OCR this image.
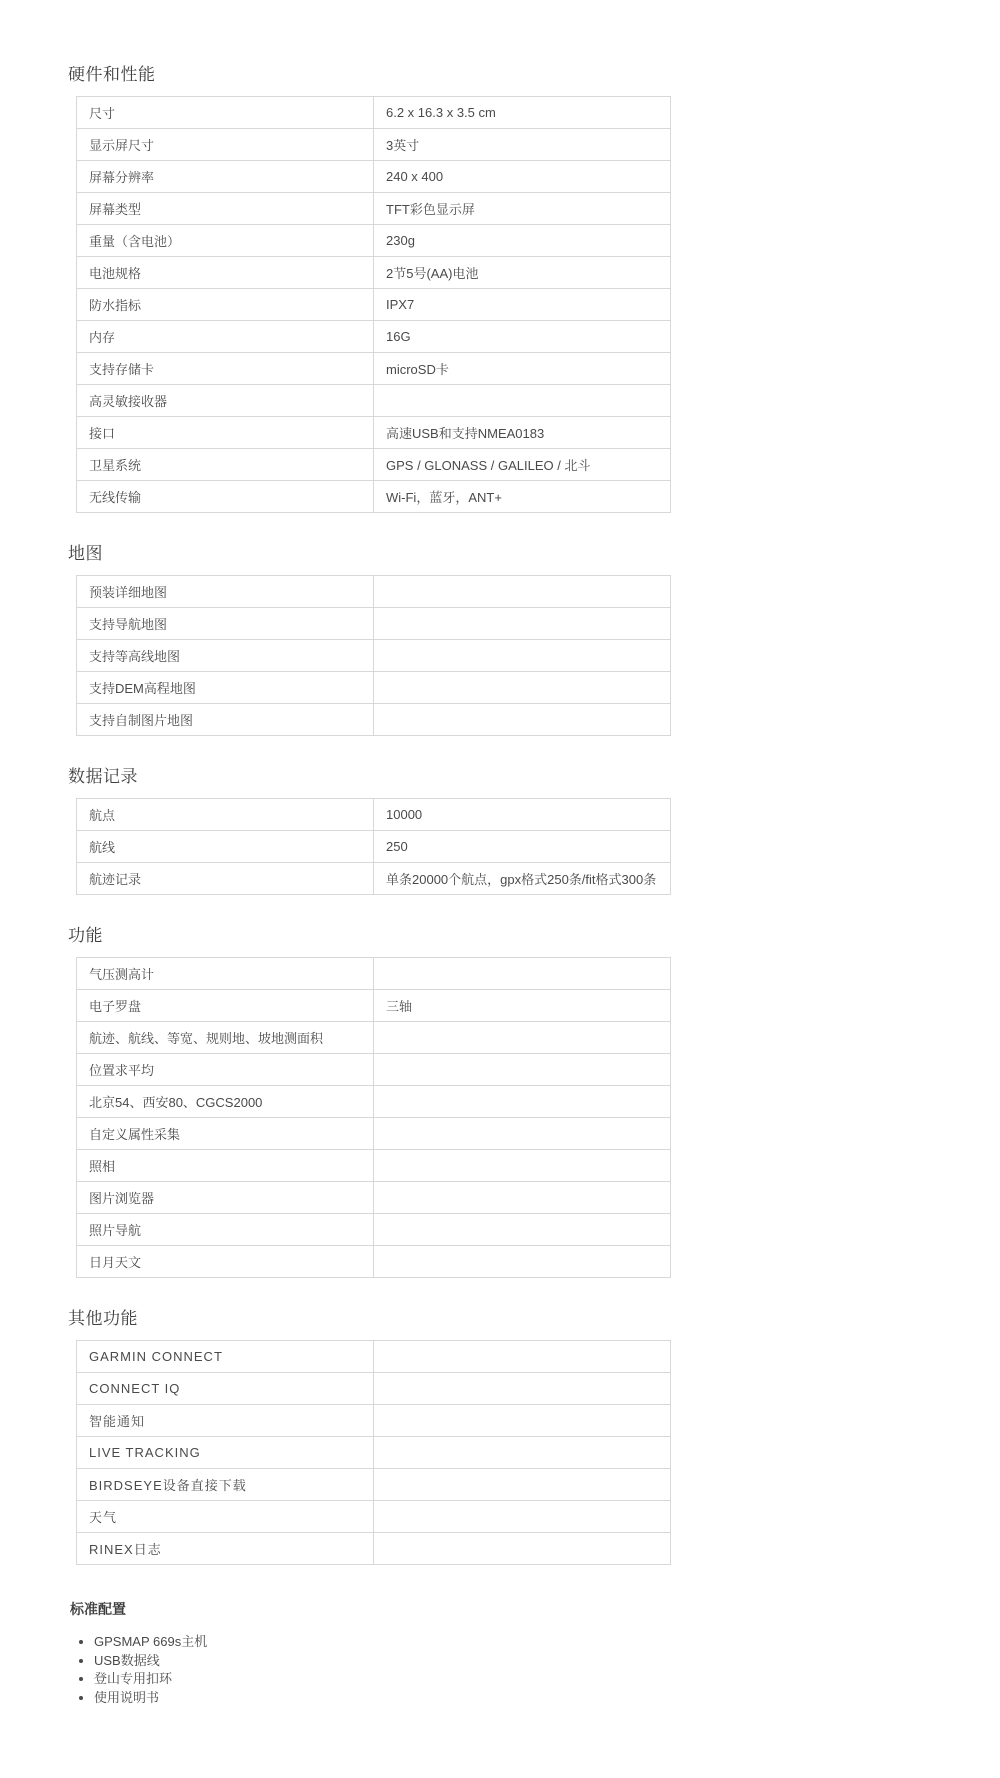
硬件和性能
尺寸	6.2 x 16.3 x 3.5 cm
显示屏尺寸	3英寸
屏幕分辨率	240 x 400
屏幕类型	TFT彩色显示屏
重量（含电池）	230g
电池规格	2节5号(AA)电池
防水指标	IPX7
内存	16G
支持存储卡	microSD卡
高灵敏接收器	
接口	高速USB和支持NMEA0183
卫星系统	GPS / GLONASS / GALILEO / 北斗
无线传输	Wi-Fi，蓝牙，ANT+
地图
预装详细地图	
支持导航地图	
支持等高线地图	
支持DEM高程地图	
支持自制图片地图	
数据记录
航点	10000
航线	250
航迹记录	单条20000个航点，gpx格式250条/fit格式300条
功能
气压测高计	
电子罗盘	三轴
航迹、航线、等宽、规则地、坡地测面积	
位置求平均	
北京54、西安80、CGCS2000	
自定义属性采集	
照相	
图片浏览器	
照片导航	
日月天文	
其他功能
GARMIN CONNECT	
CONNECT IQ	
智能通知	
LIVE TRACKING	
BIRDSEYE设备直接下载	
天气	
RINEX日志	
标准配置
• GPSMAP 669s主机
• USB数据线
• 登山专用扣环
• 使用说明书
